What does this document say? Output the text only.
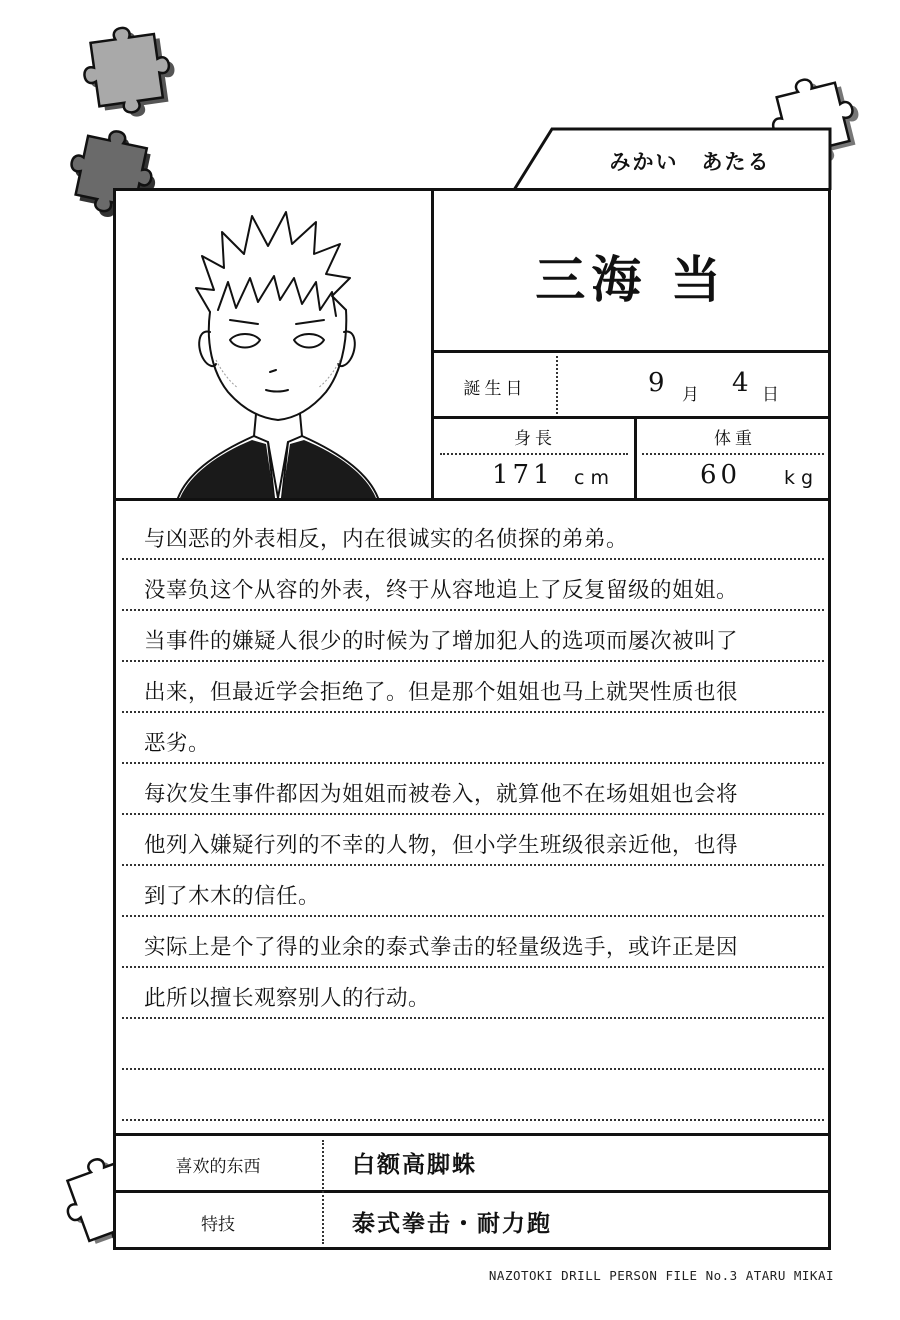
みかい　あたる
三海 当
誕生日	9 月 4 日
身長	体重
171 cm	60 kg
与凶恶的外表相反，内在很诚实的名侦探的弟弟。
没辜负这个从容的外表，终于从容地追上了反复留级的姐姐。
当事件的嫌疑人很少的时候为了增加犯人的选项而屡次被叫了
出来，但最近学会拒绝了。但是那个姐姐也马上就哭性质也很
恶劣。
每次发生事件都因为姐姐而被卷入，就算他不在场姐姐也会将
他列入嫌疑行列的不幸的人物，但小学生班级很亲近他，也得
到了木木的信任。
实际上是个了得的业余的泰式拳击的轻量级选手，或许正是因
此所以擅长观察别人的行动。
喜欢的东西	白额高脚蛛
特技	泰式拳击・耐力跑
NAZOTOKI DRILL PERSON FILE No.3 ATARU MIKAI
